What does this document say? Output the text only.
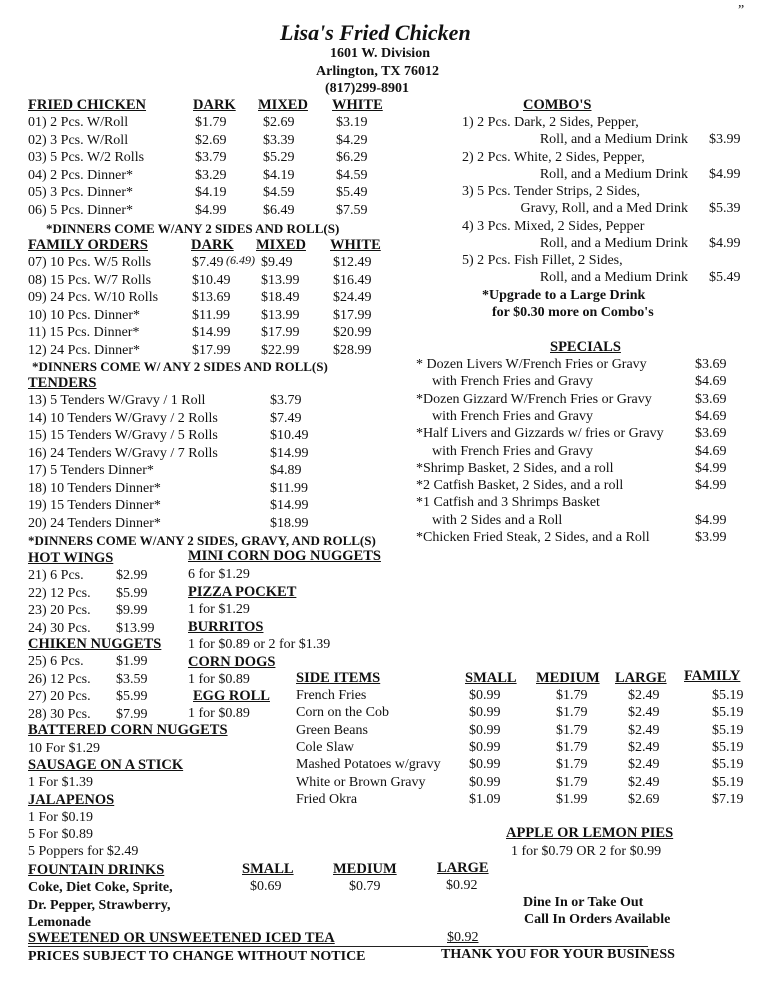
Lisa's Fried Chicken
1601 W. Division
Arlington, TX 76012
(817)299-8901
”
FRIED CHICKEN	DARK MIXED WHITE
01) 2 Pcs. W/Roll	$1.79	$2.69	$3.19
02) 3 Pcs. W/Roll	$2.69	$3.39	$4.29
03) 5 Pcs. W/2 Rolls	$3.79	$5.29	$6.29
04) 2 Pcs. Dinner*	$3.29	$4.19	$4.59
05) 3 Pcs. Dinner*	$4.19	$4.59	$5.49
06) 5 Pcs. Dinner*	$4.99	$6.49	$7.59
*DINNERS COME W/ANY 2 SIDES AND ROLL(S)
FAMILY ORDERS	DARK MIXED WHITE
07) 10 Pcs. W/5 Rolls	$7.49	$9.49	$12.49
08) 15 Pcs. W/7 Rolls	$10.49 $13.99 $16.49
09) 24 Pcs. W/10 Rolls $13.69 $18.49 $24.49
10) 10 Pcs. Dinner*	$11.99 $13.99 $17.99
11) 15 Pcs. Dinner*	$14.99 $17.99 $20.99
12) 24 Pcs. Dinner*	$17.99 $22.99 $28.99
(6.49)
*DINNERS COME W/ ANY 2 SIDES AND ROLL(S)
TENDERS
13) 5 Tenders W/Gravy / 1 Roll	$3.79
14) 10 Tenders W/Gravy / 2 Rolls	$7.49
15) 15 Tenders W/Gravy / 5 Rolls	$10.49
16) 24 Tenders W/Gravy / 7 Rolls	$14.99
17) 5 Tenders Dinner*	$4.89
18) 10 Tenders Dinner*	$11.99
19) 15 Tenders Dinner*	$14.99
20) 24 Tenders Dinner*	$18.99
*DINNERS COME W/ANY 2 SIDES, GRAVY, AND ROLL(S)
COMBO'S
1) 2 Pcs. Dark, 2 Sides, Pepper,
Roll, and a Medium Drink $3.99
2) 2 Pcs. White, 2 Sides, Pepper,
Roll, and a Medium Drink $4.99
3) 5 Pcs. Tender Strips, 2 Sides,
Gravy, Roll, and a Med Drink $5.39
4) 3 Pcs. Mixed, 2 Sides, Pepper
Roll, and a Medium Drink $4.99
5) 2 Pcs. Fish Fillet, 2 Sides,
Roll, and a Medium Drink $5.49
*Upgrade to a Large Drink
for $0.30 more on Combo's
SPECIALS
* Dozen Livers W/French Fries or Gravy	$3.69
with French Fries and Gravy	$4.69
*Dozen Gizzard W/French Fries or Gravy	$3.69
with French Fries and Gravy	$4.69
*Half Livers and Gizzards w/ fries or Gravy $3.69
with French Fries and Gravy	$4.69
*Shrimp Basket, 2 Sides, and a roll	$4.99
*2 Catfish Basket, 2 Sides, and a roll	$4.99
*1 Catfish and 3 Shrimps Basket
with 2 Sides and a Roll	$4.99
*Chicken Fried Steak, 2 Sides, and a Roll	$3.99
HOT WINGS
21) 6 Pcs. $2.99
22) 12 Pcs. $5.99
23) 20 Pcs. $9.99
24) 30 Pcs. $13.99
CHIKEN NUGGETS
25) 6 Pcs. $1.99
26) 12 Pcs. $3.59
27) 20 Pcs. $5.99
28) 30 Pcs. $7.99
MINI CORN DOG NUGGETS
6 for $1.29
PIZZA POCKET
1 for $1.29
BURRITOS
1 for $0.89 or 2 for $1.39
CORN DOGS
1 for $0.89
EGG ROLL
1 for $0.89
BATTERED CORN NUGGETS
10 For $1.29
SAUSAGE ON A STICK
1 For $1.39
JALAPENOS
1 For $0.19
5 For $0.89
5 Poppers for $2.49
SIDE ITEMS	SMALL MEDIUM LARGE FAMILY
French Fries	$0.99	$1.79	$2.49	$5.19
Corn on the Cob	$0.99	$1.79	$2.49	$5.19
Green Beans	$0.99	$1.79	$2.49	$5.19
Cole Slaw	$0.99	$1.79	$2.49	$5.19
Mashed Potatoes w/gravy $0.99	$1.79	$2.49	$5.19
White or Brown Gravy	$0.99	$1.79	$2.49	$5.19
Fried Okra	$1.09	$1.99	$2.69	$7.19
APPLE OR LEMON PIES
1 for $0.79 OR 2 for $0.99
FOUNTAIN DRINKS	SMALL	MEDIUM	LARGE
$0.69	$0.79	$0.92
Coke, Diet Coke, Sprite,
Dr. Pepper, Strawberry,
Lemonade
SWEETENED OR UNSWEETENED ICED TEA	$0.92
Dine In or Take Out
Call In Orders Available
PRICES SUBJECT TO CHANGE WITHOUT NOTICE	THANK YOU FOR YOUR BUSINESS
